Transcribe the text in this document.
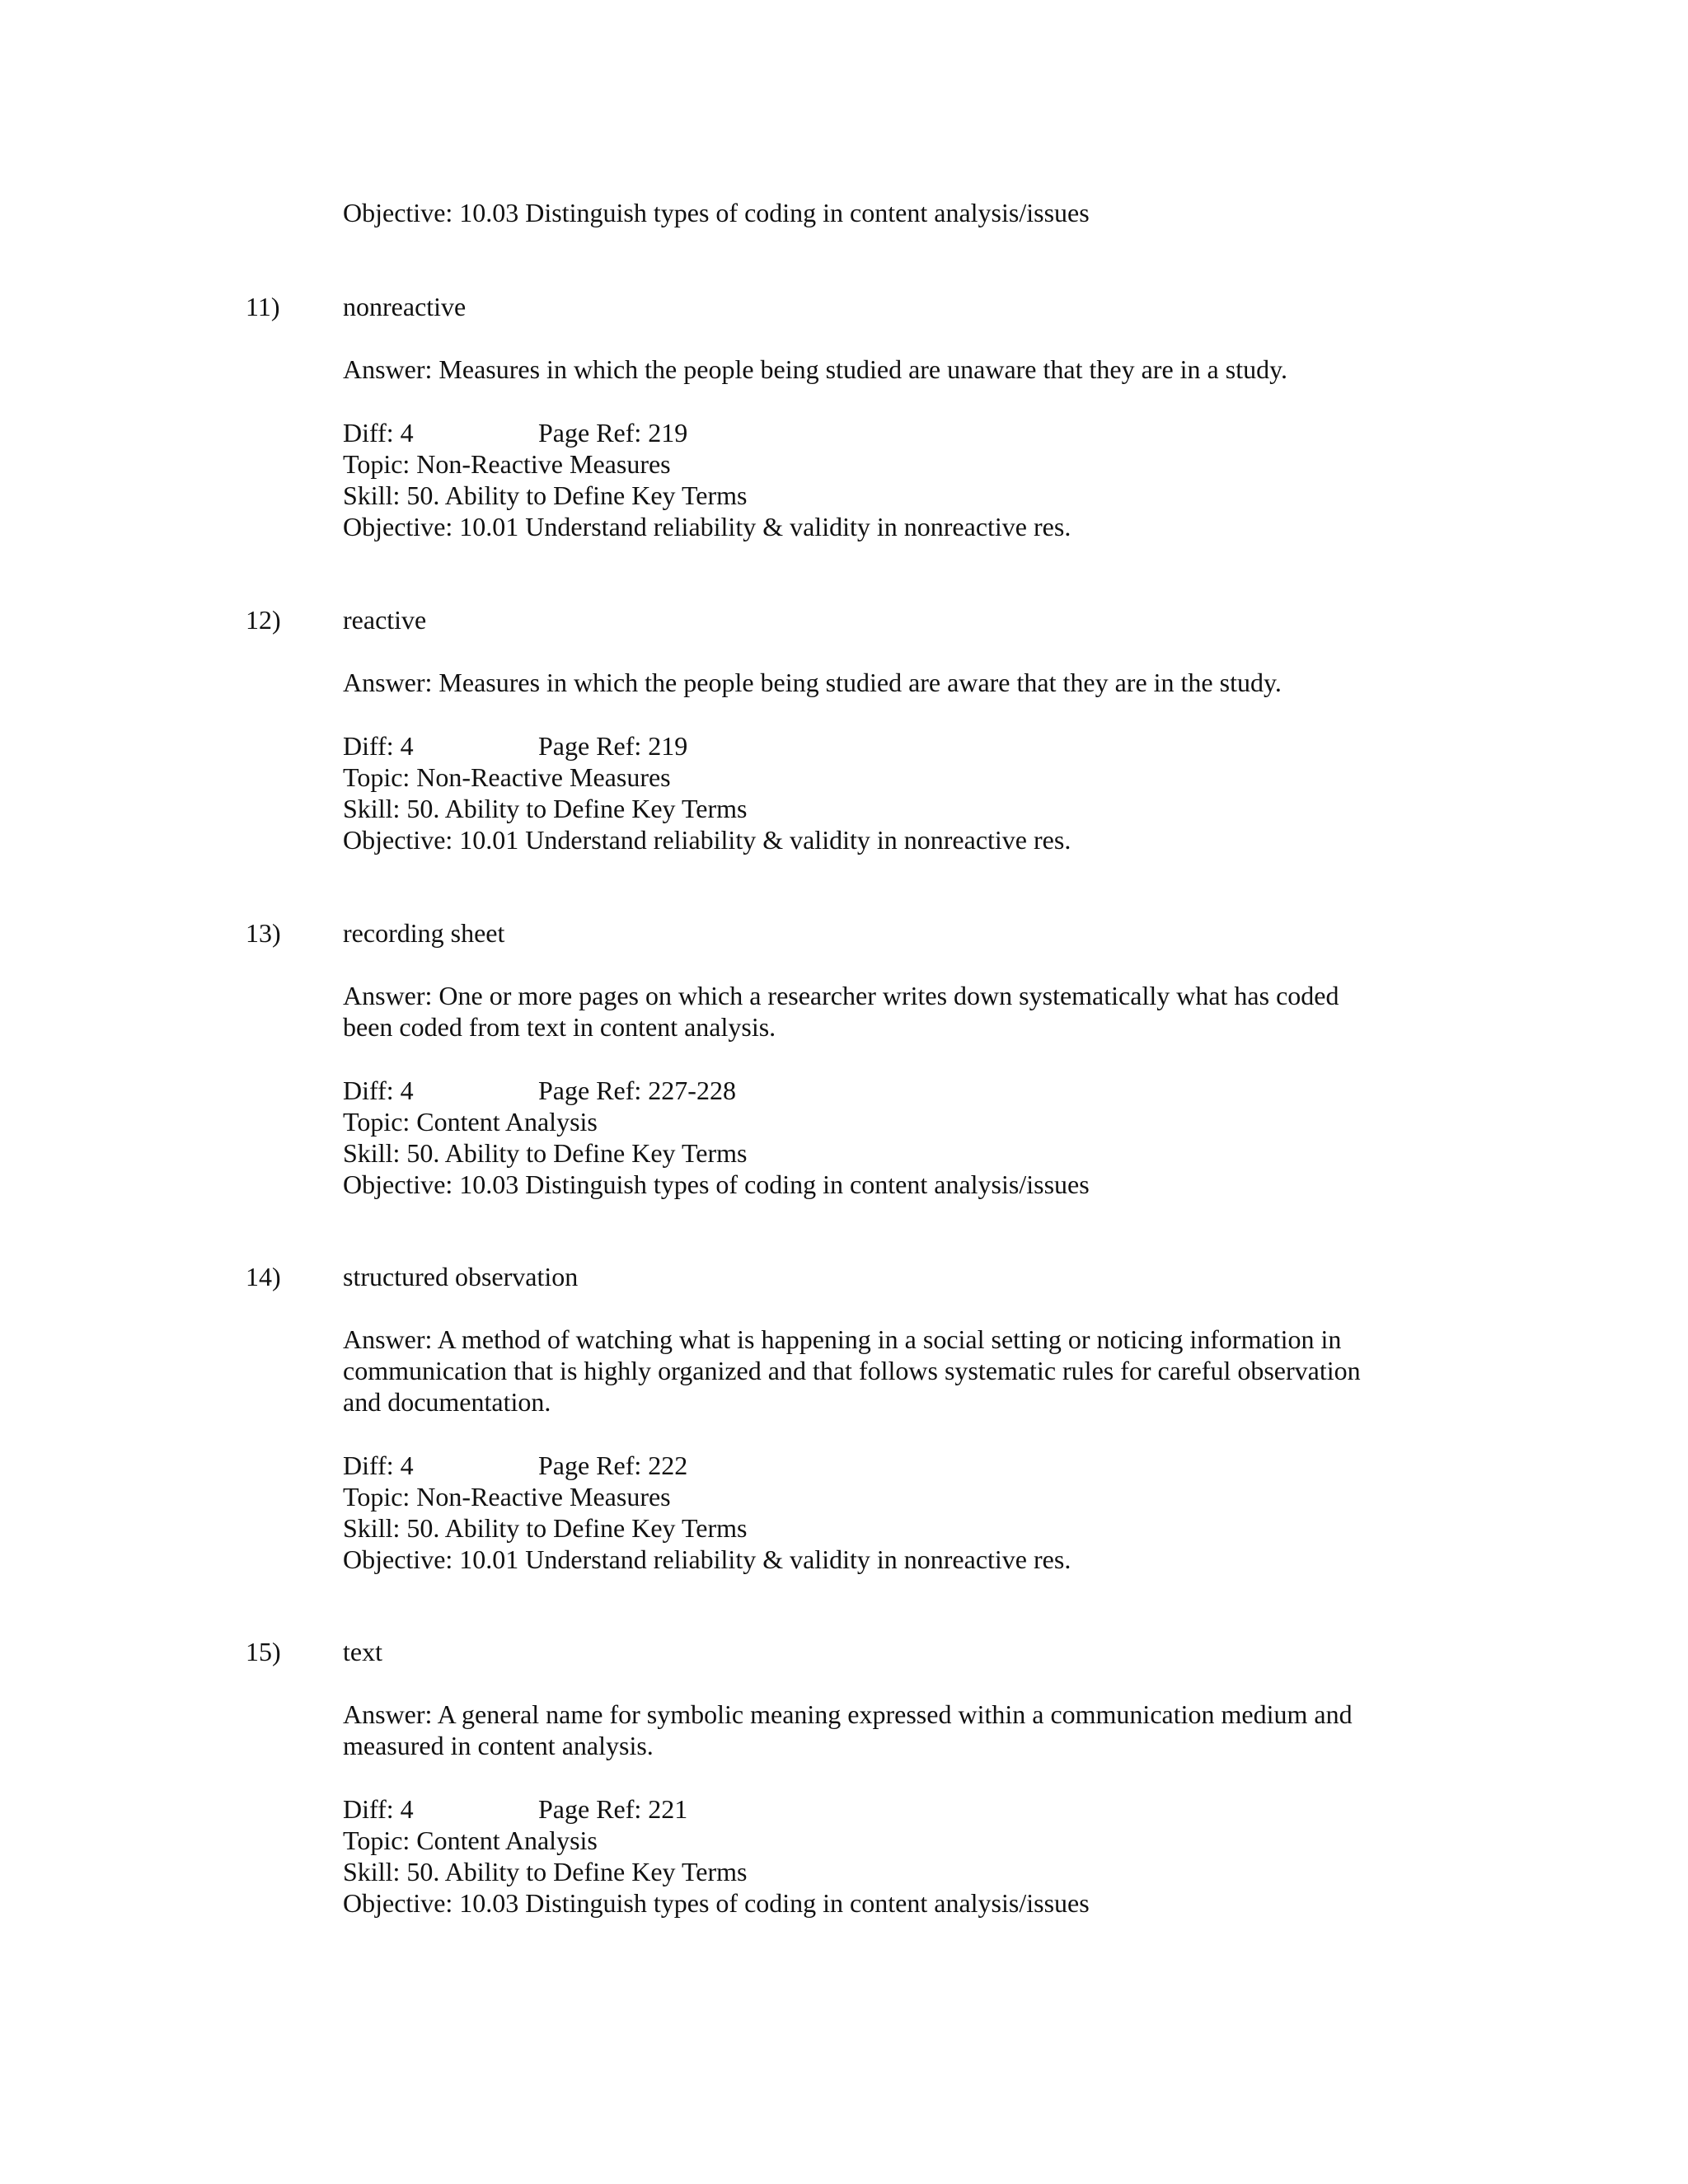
Objective: 10.03 Distinguish types of coding in content analysis/issues
11) nonreactive
Answer: Measures in which the people being studied are unaware that they are in a study.
Diff: 4	Page Ref: 219
Topic: Non-Reactive Measures
Skill: 50. Ability to Define Key Terms
Objective: 10.01 Understand reliability & validity in nonreactive res.
12) reactive
Answer: Measures in which the people being studied are aware that they are in the study.
Diff: 4	Page Ref: 219
Topic: Non-Reactive Measures
Skill: 50. Ability to Define Key Terms
Objective: 10.01 Understand reliability & validity in nonreactive res.
13) recording sheet
Answer: One or more pages on which a researcher writes down systematically what has coded
been coded from text in content analysis.
Diff: 4	Page Ref: 227-228
Topic: Content Analysis
Skill: 50. Ability to Define Key Terms
Objective: 10.03 Distinguish types of coding in content analysis/issues
14) structured observation
Answer: A method of watching what is happening in a social setting or noticing information in
communication that is highly organized and that follows systematic rules for careful observation
and documentation.
Diff: 4	Page Ref: 222
Topic: Non-Reactive Measures
Skill: 50. Ability to Define Key Terms
Objective: 10.01 Understand reliability & validity in nonreactive res.
15) text
Answer: A general name for symbolic meaning expressed within a communication medium and
measured in content analysis.
Diff: 4	Page Ref: 221
Topic: Content Analysis
Skill: 50. Ability to Define Key Terms
Objective: 10.03 Distinguish types of coding in content analysis/issues
